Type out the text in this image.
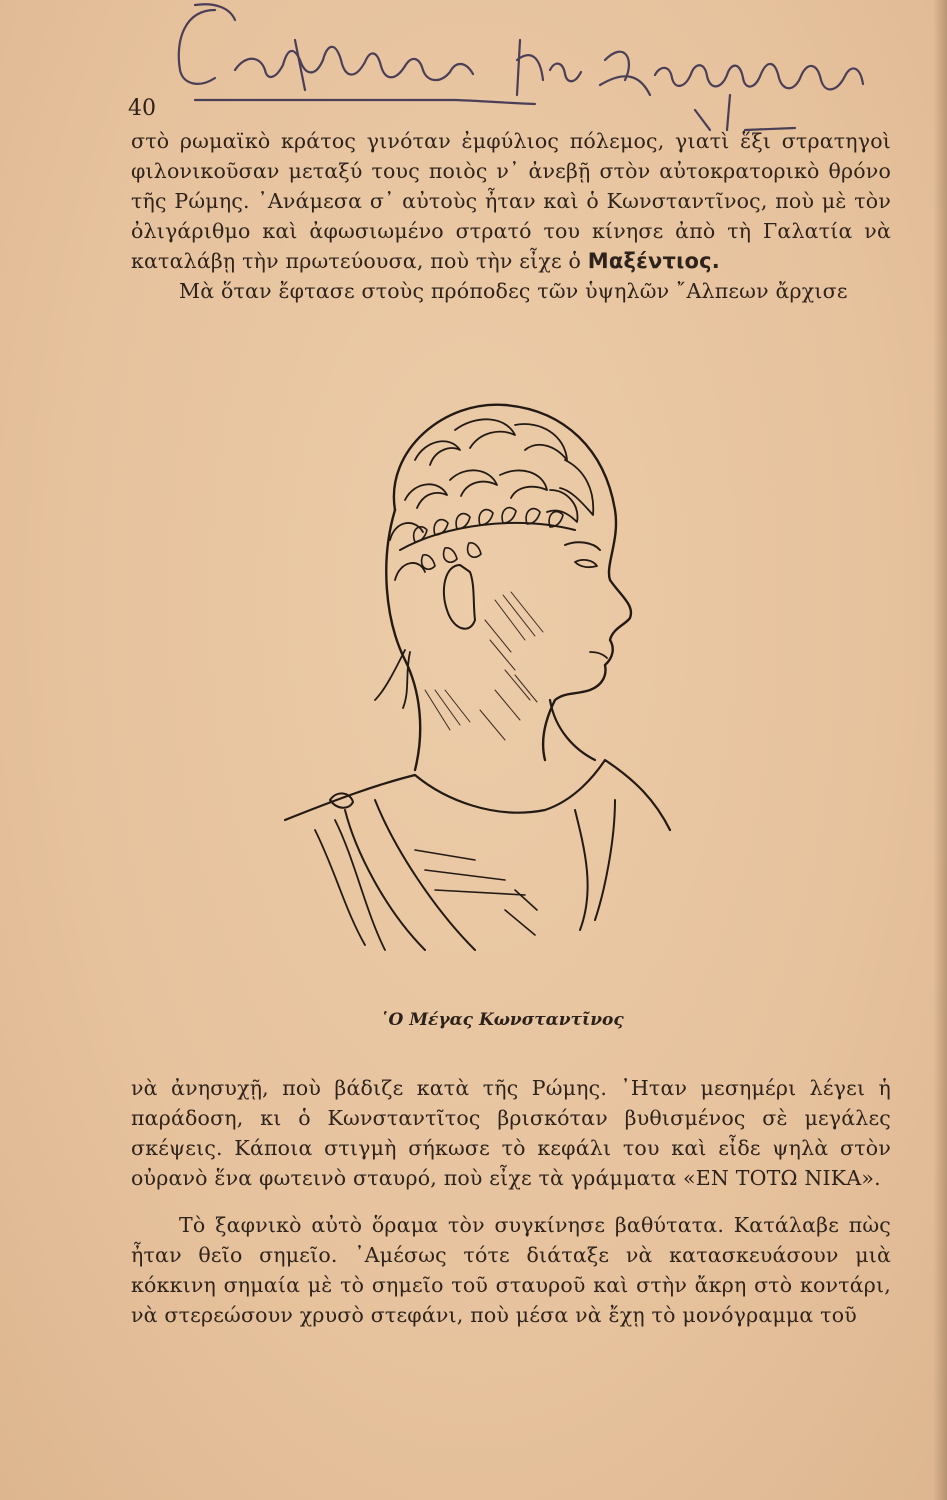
40
στὸ ρωμαϊκὸ κράτος γινόταν ἐμφύλιος πόλεμος, γιατὶ ἕξι στρατηγοὶ φιλονικοῦσαν μεταξύ τους ποιὸς ν᾽ ἀνεβῇ στὸν αὐτοκρατορικὸ θρόνο τῆς Ρώμης. ᾽Ανάμεσα σ᾽ αὐτοὺς ἦταν καὶ ὁ Κωνσταντῖνος, ποὺ μὲ τὸν ὀλιγάριθμο καὶ ἀφωσιωμένο στρατό του κίνησε ἀπὸ τὴ Γαλατία νὰ καταλάβῃ τὴν πρωτεύουσα, ποὺ τὴν εἶχε ὁ Μαξέντιος.
Μὰ ὅταν ἔφτασε στοὺς πρόποδες τῶν ὑψηλῶν ῎Αλπεων ἄρχισε
῾Ο Μέγας Κωνσταντῖνος
νὰ ἀνησυχῇ, ποὺ βάδιζε κατὰ τῆς Ρώμης. ᾽Ηταν μεσημέρι λέγει ἡ παράδοση, κι ὁ Κωνσταντῖτος βρισκόταν βυθισμένος σὲ μεγάλες σκέψεις. Κάποια στιγμὴ σήκωσε τὸ κεφάλι του καὶ εἶδε ψηλὰ στὸν οὐρανὸ ἕνα φωτεινὸ σταυρό, ποὺ εἶχε τὰ γράμματα «ΕΝ ΤΟΤΩ ΝΙΚΑ».
Τὸ ξαφνικὸ αὐτὸ ὅραμα τὸν συγκίνησε βαθύτατα. Κατάλαβε πὼς ἦταν θεῖο σημεῖο. ᾽Αμέσως τότε διάταξε νὰ κατασκευάσουν μιὰ κόκκινη σημαία μὲ τὸ σημεῖο τοῦ σταυροῦ καὶ στὴν ἄκρη στὸ κοντάρι, νὰ στερεώσουν χρυσὸ στεφάνι, ποὺ μέσα νὰ ἔχῃ τὸ μονόγραμμα τοῦ
